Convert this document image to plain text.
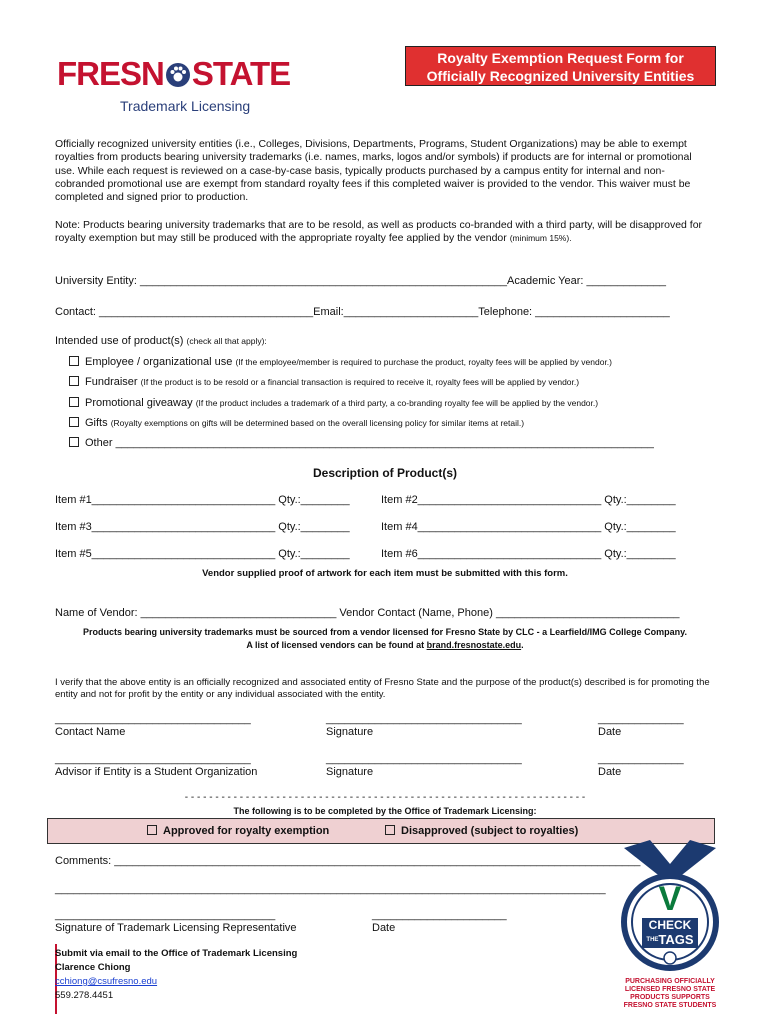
FRESN STATE
Trademark Licensing
Royalty Exemption Request Form for
Officially Recognized University Entities
Officially recognized university entities (i.e., Colleges, Divisions, Departments, Programs, Student Organizations) may be able to exempt royalties from products bearing university trademarks (i.e. names, marks, logos and/or symbols) if products are for internal or promotional use. While each request is reviewed on a case-by-case basis, typically products purchased by a campus entity for internal and non-cobranded promotional use are exempt from standard royalty fees if this completed waiver is provided to the vendor. This waiver must be completed and signed prior to production.
Note: Products bearing university trademarks that are to be resold, as well as products co-branded with a third party, will be disapproved for royalty exemption but may still be produced with the appropriate royalty fee applied by the vendor (minimum 15%).
University Entity: ____________________________________________________________Academic Year: _____________
Contact: ___________________________________Email:______________________Telephone: ______________________
Intended use of product(s) (check all that apply):
Employee / organizational use (If the employee/member is required to purchase the product, royalty fees will be applied by vendor.)
Fundraiser (If the product is to be resold or a financial transaction is required to receive it, royalty fees will be applied by vendor.)
Promotional giveaway (If the product includes a trademark of a third party, a co-branding royalty fee will be applied by the vendor.)
Gifts (Royalty exemptions on gifts will be determined based on the overall licensing policy for similar items at retail.)
Other ________________________________________________________________________________________
Description of Product(s)
Item #1______________________________ Qty.:________	Item #2______________________________ Qty.:________
Item #3______________________________ Qty.:________	Item #4______________________________ Qty.:________
Item #5______________________________ Qty.:________	Item #6______________________________ Qty.:________
Vendor supplied proof of artwork for each item must be submitted with this form.
Name of Vendor: ________________________________ Vendor Contact (Name, Phone) ______________________________
Products bearing university trademarks must be sourced from a vendor licensed for Fresno State by CLC - a Learfield/IMG College Company.
A list of licensed vendors can be found at brand.fresnostate.edu.
I verify that the above entity is an officially recognized and associated entity of Fresno State and the purpose of the product(s) described is for promoting the entity and not for profit by the entity or any individual associated with the entity.
________________________________	________________________________	______________
Contact Name	Signature	Date
________________________________	________________________________	______________
Advisor if Entity is a Student Organization	Signature	Date
- - - - - - - - - - - - - - - - - - - - - - - - - - - - - - - - - - - - - - - - - - - - - - - - - - - - - - - - - - - - - - - - - -
The following is to be completed by the Office of Trademark Licensing:
Approved for royalty exemption	Disapproved (subject to royalties)
Comments: ______________________________________________________________________________________
__________________________________________________________________________________________
____________________________________	______________________
Signature of Trademark Licensing Representative	Date
Submit via email to the Office of Trademark Licensing
Clarence Chiong
cchiong@csufresno.edu
559.278.4451
V
CHECK
$^{THE}$TAGS
PURCHASING OFFICIALLY
LICENSED FRESNO STATE
PRODUCTS SUPPORTS
FRESNO STATE STUDENTS
